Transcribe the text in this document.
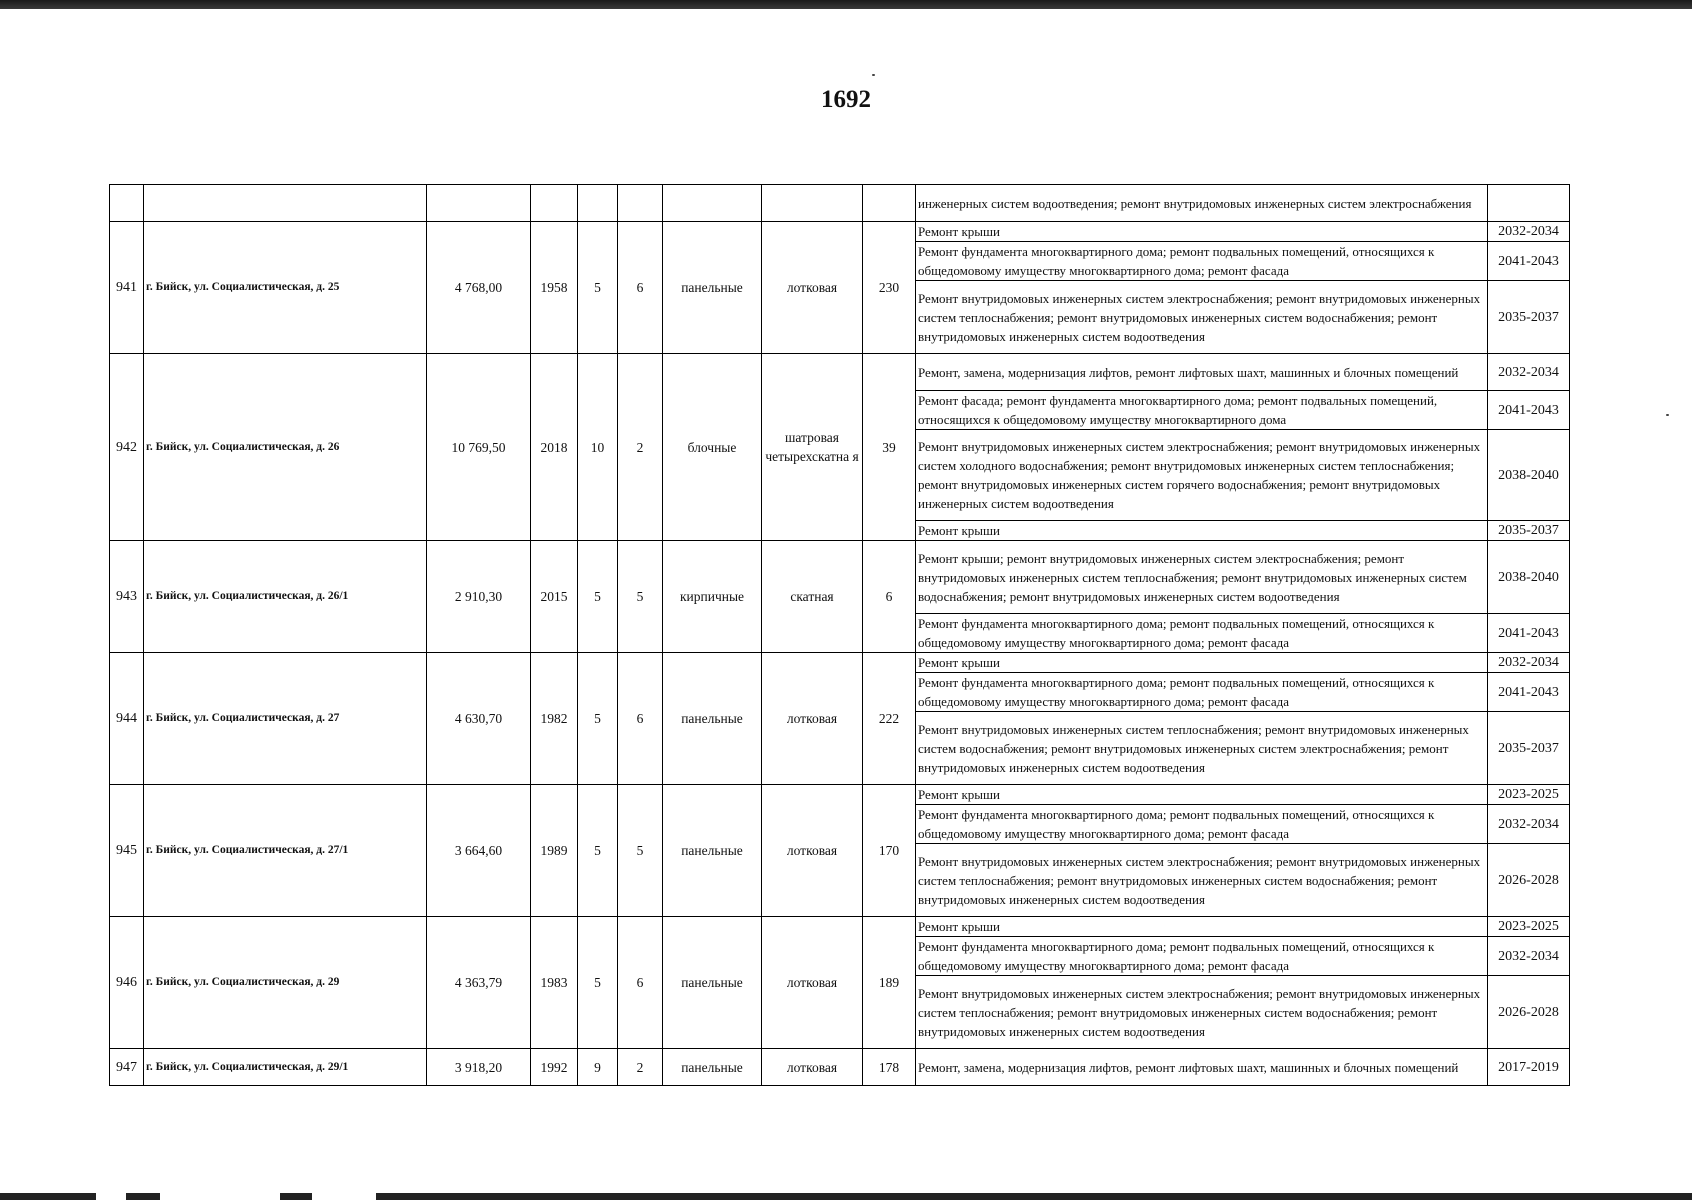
1692
									инженерных систем водоотведения; ремонт внутридомовых инженерных систем электроснабжения	
941	г. Бийск, ул. Социалистическая, д. 25	4 768,00	1958	5	6	панельные	лотковая	230	Ремонт крыши	2032-2034
									Ремонт фундамента многоквартирного дома; ремонт подвальных помещений, относящихся к общедомовому имуществу многоквартирного дома; ремонт фасада	2041-2043
									Ремонт внутридомовых инженерных систем электроснабжения; ремонт внутридомовых инженерных систем теплоснабжения; ремонт внутридомовых инженерных систем водоснабжения; ремонт внутридомовых инженерных систем водоотведения	2035-2037
942	г. Бийск, ул. Социалистическая, д. 26	10 769,50	2018	10	2	блочные	шатровая четырехскатна я	39	Ремонт, замена, модернизация лифтов, ремонт лифтовых шахт, машинных и блочных помещений	2032-2034
									Ремонт фасада; ремонт фундамента многоквартирного дома; ремонт подвальных помещений, относящихся к общедомовому имуществу многоквартирного дома	2041-2043
									Ремонт внутридомовых инженерных систем электроснабжения; ремонт внутридомовых инженерных систем холодного водоснабжения; ремонт внутридомовых инженерных систем теплоснабжения; ремонт внутридомовых инженерных систем горячего водоснабжения; ремонт внутридомовых инженерных систем водоотведения	2038-2040
									Ремонт крыши	2035-2037
943	г. Бийск, ул. Социалистическая, д. 26/1	2 910,30	2015	5	5	кирпичные	скатная	6	Ремонт крыши; ремонт внутридомовых инженерных систем электроснабжения; ремонт внутридомовых инженерных систем теплоснабжения; ремонт внутридомовых инженерных систем водоснабжения; ремонт внутридомовых инженерных систем водоотведения	2038-2040
									Ремонт фундамента многоквартирного дома; ремонт подвальных помещений, относящихся к общедомовому имуществу многоквартирного дома; ремонт фасада	2041-2043
944	г. Бийск, ул. Социалистическая, д. 27	4 630,70	1982	5	6	панельные	лотковая	222	Ремонт крыши	2032-2034
									Ремонт фундамента многоквартирного дома; ремонт подвальных помещений, относящихся к общедомовому имуществу многоквартирного дома; ремонт фасада	2041-2043
									Ремонт внутридомовых инженерных систем теплоснабжения; ремонт внутридомовых инженерных систем водоснабжения; ремонт внутридомовых инженерных систем электроснабжения; ремонт внутридомовых инженерных систем водоотведения	2035-2037
945	г. Бийск, ул. Социалистическая, д. 27/1	3 664,60	1989	5	5	панельные	лотковая	170	Ремонт крыши	2023-2025
									Ремонт фундамента многоквартирного дома; ремонт подвальных помещений, относящихся к общедомовому имуществу многоквартирного дома; ремонт фасада	2032-2034
									Ремонт внутридомовых инженерных систем электроснабжения; ремонт внутридомовых инженерных систем теплоснабжения; ремонт внутридомовых инженерных систем водоснабжения; ремонт внутридомовых инженерных систем водоотведения	2026-2028
946	г. Бийск, ул. Социалистическая, д. 29	4 363,79	1983	5	6	панельные	лотковая	189	Ремонт крыши	2023-2025
									Ремонт фундамента многоквартирного дома; ремонт подвальных помещений, относящихся к общедомовому имуществу многоквартирного дома; ремонт фасада	2032-2034
									Ремонт внутридомовых инженерных систем электроснабжения; ремонт внутридомовых инженерных систем теплоснабжения; ремонт внутридомовых инженерных систем водоснабжения; ремонт внутридомовых инженерных систем водоотведения	2026-2028
947	г. Бийск, ул. Социалистическая, д. 29/1	3 918,20	1992	9	2	панельные	лотковая	178	Ремонт, замена, модернизация лифтов, ремонт лифтовых шахт, машинных и блочных помещений	2017-2019
